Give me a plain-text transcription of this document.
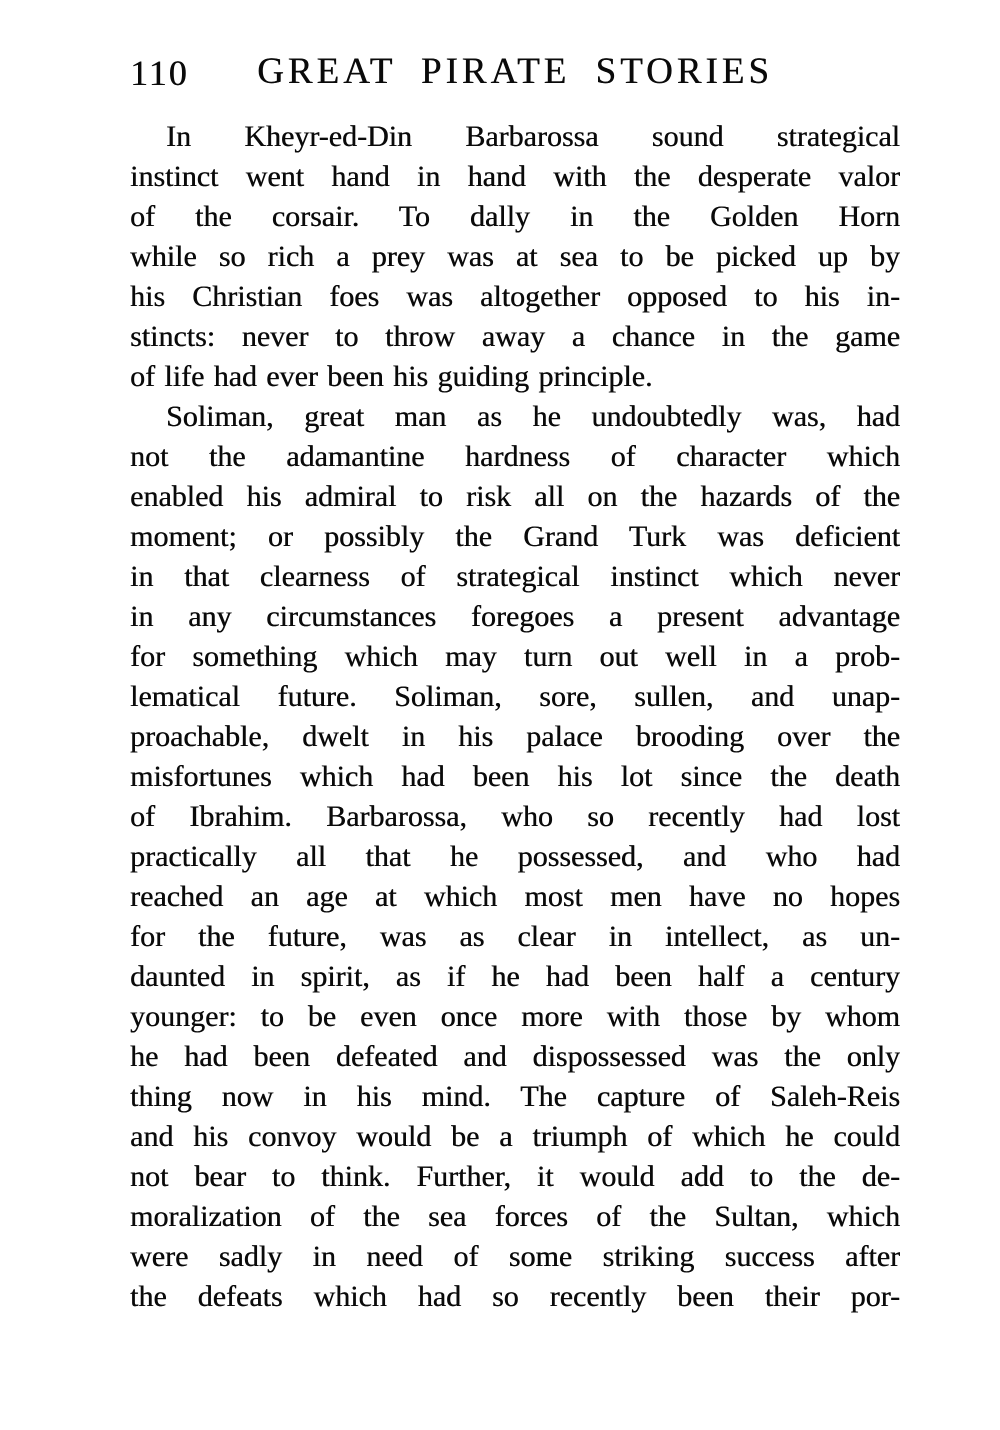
110	GREAT PIRATE STORIES
In Kheyr-ed-Din Barbarossa sound strategical
instinct went hand in hand with the desperate valor
of the corsair. To dally in the Golden Horn
while so rich a prey was at sea to be picked up by
his Christian foes was altogether opposed to his in-
stincts: never to throw away a chance in the game
of life had ever been his guiding principle.
Soliman, great man as he undoubtedly was, had
not the adamantine hardness of character which
enabled his admiral to risk all on the hazards of the
moment; or possibly the Grand Turk was deficient
in that clearness of strategical instinct which never
in any circumstances foregoes a present advantage
for something which may turn out well in a prob-
lematical future. Soliman, sore, sullen, and unap-
proachable, dwelt in his palace brooding over the
misfortunes which had been his lot since the death
of Ibrahim. Barbarossa, who so recently had lost
practically all that he possessed, and who had
reached an age at which most men have no hopes
for the future, was as clear in intellect, as un-
daunted in spirit, as if he had been half a century
younger: to be even once more with those by whom
he had been defeated and dispossessed was the only
thing now in his mind. The capture of Saleh-Reis
and his convoy would be a triumph of which he could
not bear to think. Further, it would add to the de-
moralization of the sea forces of the Sultan, which
were sadly in need of some striking success after
the defeats which had so recently been their por-
